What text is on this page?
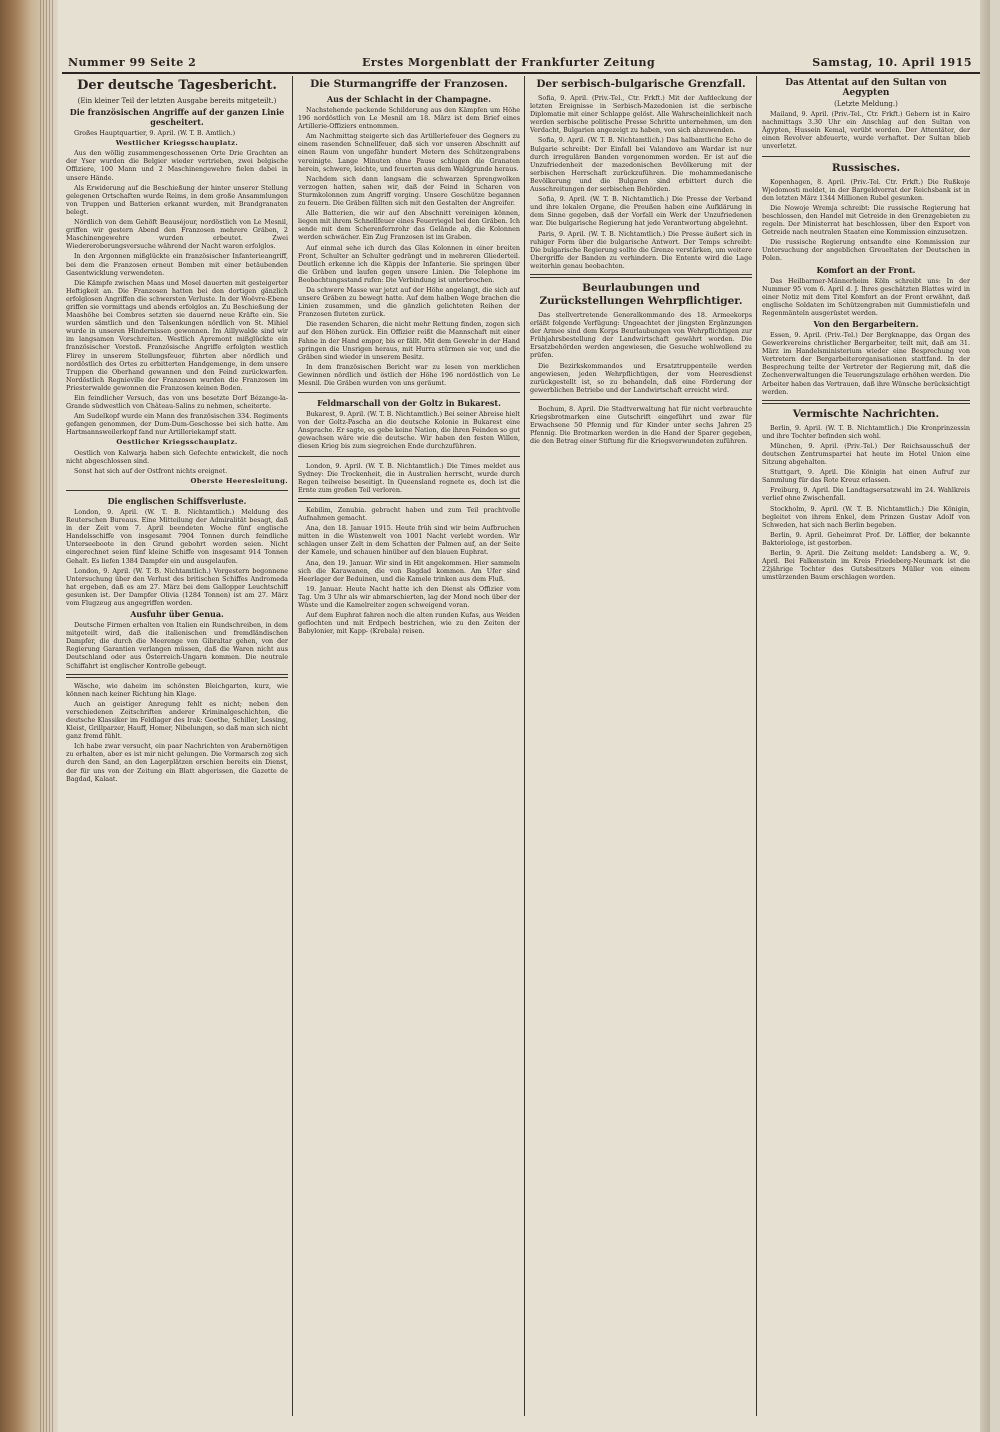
Nummer 99 Seite 2	Erstes Morgenblatt der Frankfurter Zeitung	Samstag, 10. April 1915
Der deutsche Tagesbericht.
(Ein kleiner Teil der letzten Ausgabe bereits mitgeteilt.)
Die französischen Angriffe auf der ganzen Linie gescheitert.
Großes Hauptquartier, 9. April. (W. T. B. Amtlich.)
Westlicher Kriegsschauplatz.
Aus den wöllig zusammengeschossenen Orte Drie Grachten an der Yser wurden die Belgier wieder vertrieben, zwei belgische Offiziere, 100 Mann und 2 Maschinengewehre fielen dabei in unsere Hände.
Als Erwiderung auf die Beschießung der hinter unserer Stellung gelegenen Ortschaften wurde Reims, in dem große Ansammlungen von Truppen und Batterien erkannt wurden, mit Brandgranaten belegt.
Nördlich von dem Gehöft Beauséjour, nordöstlich von Le Mesnil, griffen wir gestern Abend den Franzosen mehrere Gräben, 2 Maschinengewehre wurden erbeutet. Zwei Wiedereroberungsversuche während der Nacht waren erfolglos.
In den Argonnen mißglückte ein französischer Infanterieangriff, bei dem die Franzosen erneut Bomben mit einer betäubenden Gasentwicklung verwendeten.
Die Kämpfe zwischen Maas und Mosel dauerten mit gesteigerter Heftigkeit an. Die Franzosen hatten bei den dortigen gänzlich erfolglosen Angriffen die schwersten Verluste. In der Woëvre-Ebene griffen sie vormittags und abends erfolglos an. Zu Beschießung der Maashöhe bei Combres setzten sie dauernd neue Kräfte ein. Sie wurden sämtlich und den Talsenkungen nördlich von St. Mihiel wurde in unseren Hindernissen gewonnen. Im Aillywalde sind wir im langsamen Vorschreiten. Westlich Apremont mißglückte ein französischer Vorstoß. Französische Angriffe erfolgten westlich Flirey in unserem Stellungsfeuer, führten aber nördlich und nordöstlich des Ortes zu erbitterten Handgemenge, in dem unsere Truppen die Oberhand gewannen und den Feind zurückwarfen. Nordöstlich Regnieville der Franzosen wurden die Franzosen im Priesterwalde gewonnen die Franzosen keinen Boden.
Ein feindlicher Versuch, das von uns besetzte Dorf Bézange-la-Grande südwestlich von Château-Salins zu nehmen, scheiterte.
Am Sudelkopf wurde ein Mann des französischen 334. Regiments gefangen genommen, der Dum-Dum-Geschosse bei sich hatte. Am Hartmannsweilerkopf fand nur Artilleriekampf statt.
Oestlicher Kriegsschauplatz.
Oestlich von Kalwarja haben sich Gefechte entwickelt, die noch nicht abgeschlossen sind.
Sonst hat sich auf der Ostfront nichts ereignet.
Oberste Heeresleitung.
Die englischen Schiffsverluste.
London, 9. April. (W. T. B. Nichtamtlich.) Meldung des Reuterschen Bureaus. Eine Mitteilung der Admiralität besagt, daß in der Zeit vom 7. April beendeten Woche fünf englische Handelsschiffe von insgesamt 7904 Tonnen durch feindliche Unterseeboote in den Grund gebohrt worden seien. Nicht eingerechnet seien fünf kleine Schiffe von insgesamt 914 Tonnen Gehalt. Es liefen 1384 Dampfer ein und ausgelaufen.
London, 9. April. (W. T. B. Nichtamtlich.) Vorgestern begonnene Untersuchung über den Verlust des britischen Schiffes Andromeda hat ergeben, daß es am 27. März bei dem Gallopper Leuchtschiff gesunken ist. Der Dampfer Olivia (1284 Tonnen) ist am 27. März vom Flugzeug aus angegriffen worden.
Ausfuhr über Genua.
Deutsche Firmen erhalten von Italien ein Rundschreiben, in dem mitgeteilt wird, daß die italienischen und fremdländischen Dampfer, die durch die Meerenge von Gibraltar gehen, von der Regierung Garantien verlangen müssen, daß die Waren nicht aus Deutschland oder aus Österreich-Ungarn kommen. Die neutrale Schiffahrt ist englischer Kontrolle gebeugt.
Wäsche, wie daheim im schönsten Bleichgarten, kurz, wie können nach keiner Richtung hin Klage.
Auch an geistiger Anregung fehlt es nicht; neben den verschiedenen Zeitschriften anderer Kriminalgeschichten, die deutsche Klassiker im Feldlager des Irak: Goethe, Schiller, Lessing, Kleist, Grillparzer, Hauff, Homer, Nibelungen, so daß man sich nicht ganz fremd fühlt.
Ich habe zwar versucht, ein paar Nachrichten von Arabernötigen zu erhalten, aber es ist mir nicht gelungen. Die Vormarsch zog sich durch den Sand, an den Lagerplätzen erschien bereits ein Dienst, der für uns von der Zeitung ein Blatt abgerissen, die Gazette de Bagdad, Kalaat.
Die Sturmangriffe der Franzosen.
Aus der Schlacht in der Champagne.
Nachstehende packende Schilderung aus den Kämpfen um Höhe 196 nordöstlich von Le Mesnil am 18. März ist dem Brief eines Artillerie-Offiziers entnommen.
Am Nachmittag steigerte sich das Artilleriefeuer des Gegners zu einem rasenden Schnellfeuer, daß sich vor unseren Abschnitt auf einen Raum von ungefähr hundert Metern des Schützengrabens vereinigte. Lange Minuten ohne Pause schlugen die Granaten herein, schwere, leichte, und feuerten aus dem Waldgrunde heraus.
Nachdem sich dann langsam die schwarzen Sprengwolken verzogen hatten, sahen wir, daß der Feind in Scharen von Sturmkolonnen zum Angriff vorging. Unsere Geschütze begannen zu feuern. Die Gräben füllten sich mit den Gestalten der Angreifer.
Alle Batterien, die wir auf den Abschnitt vereinigen können, liegen mit ihrem Schnellfeuer eines Feuerriegel bei den Gräben. Ich sende mit dem Scherenfernrohr das Gelände ab, die Kolonnen werden schwächer. Ein Zug Franzosen ist im Graben.
Auf einmal sehe ich durch das Glas Kolonnen in einer breiten Front, Schulter an Schulter gedrängt und in mehreren Gliederteil. Deutlich erkenne ich die Käppis der Infanterie. Sie springen über die Gräben und laufen gegen unsere Linien. Die Telephone im Beobachtungsstand rufen: Die Verbindung ist unterbrochen.
Da schwere Masse war jetzt auf der Höhe angelangt, die sich auf unsere Gräben zu bewegt hatte. Auf dem halben Wege brachen die Linien zusammen, und die gänzlich gelichteten Reihen der Franzosen fluteten zurück.
Die rasenden Scharen, die nicht mehr Rettung finden, zogen sich auf den Höhen zurück. Ein Offizier reißt die Mannschaft mit einer Fahne in der Hand empor, bis er fällt. Mit dem Gewehr in der Hand springen die Unsrigen heraus, mit Hurra stürmen sie vor, und die Gräben sind wieder in unserem Besitz.
In dem französischen Bericht war zu lesen von merklichen Gewinnen nördlich und östlich der Höhe 196 nordöstlich von Le Mesnil. Die Gräben wurden von uns geräumt.
Feldmarschall von der Goltz in Bukarest.
Bukarest, 9. April. (W. T. B. Nichtamtlich.) Bei seiner Abreise hielt von der Goltz-Pascha an die deutsche Kolonie in Bukarest eine Ansprache. Er sagte, es gebe keine Nation, die ihren Feinden so gut gewachsen wäre wie die deutsche. Wir haben den festen Willen, diesen Krieg bis zum siegreichen Ende durchzuführen.
London, 9. April. (W. T. B. Nichtamtlich.) Die Times meldet aus Sydney: Die Trockenheit, die in Australien herrscht, wurde durch Regen teilweise beseitigt. In Queensland regnete es, doch ist die Ernte zum großen Teil verloren.
Kebilim, Zenubia. gebracht haben und zum Teil prachtvolle Aufnahmen gemacht.
Ana, den 18. Januar 1915. Heute früh sind wir beim Aufbruchen mitten in die Wüstenwelt von 1001 Nacht verlebt worden. Wir schlagen unser Zelt in dem Schatten der Palmen auf, an der Seite der Kamele, und schauen hinüber auf den blauen Euphrat.
Ana, den 19. Januar. Wir sind in Hit angekommen. Hier sammeln sich die Karawanen, die von Bagdad kommen. Am Ufer sind Heerlager der Beduinen, und die Kamele trinken aus dem Fluß.
19. Januar. Heute Nacht hatte ich den Dienst als Offizier vom Tag. Um 3 Uhr als wir abmarschierten, lag der Mond noch über der Wüste und die Kamelreiter zogen schweigend voran.
Auf dem Euphrat fahren noch die alten runden Kufas, aus Weiden geflochten und mit Erdpech bestrichen, wie zu den Zeiten der Babylonier, mit Kapp- (Krebala) reisen.
Der serbisch-bulgarische Grenzfall.
Sofia, 9. April. (Priv.-Tel., Ctr. Frkft.) Mit der Aufdeckung der letzten Ereignisse in Serbisch-Mazedonien ist die serbische Diplomatie mit einer Schlappe gelöst. Alle Wahrscheinlichkeit nach werden serbische politische Presse Schritte unternehmen, um den Verdacht, Bulgarien angezeigt zu haben, von sich abzuwenden.
Sofia, 9. April. (W. T. B. Nichtamtlich.) Das halbamtliche Echo de Bulgarie schreibt: Der Einfall bei Valandovo am Wardar ist nur durch irregulären Banden vorgenommen worden. Er ist auf die Unzufriedenheit der mazedonischen Bevölkerung mit der serbischen Herrschaft zurückzuführen. Die mohammedanische Bevölkerung und die Bulgaren sind erbittert durch die Ausschreitungen der serbischen Behörden.
Sofia, 9. April. (W. T. B. Nichtamtlich.) Die Presse der Verband und ihre lokalen Organe, die Preußen haben eine Aufklärung in dem Sinne gegeben, daß der Vorfall ein Werk der Unzufriedenen war. Die bulgarische Regierung hat jede Verantwortung abgelehnt.
Paris, 9. April. (W. T. B. Nichtamtlich.) Die Presse äußert sich in ruhiger Form über die bulgarische Antwort. Der Temps schreibt: Die bulgarische Regierung sollte die Grenze verstärken, um weitere Übergriffe der Banden zu verhindern. Die Entente wird die Lage weiterhin genau beobachten.
Beurlaubungen und Zurückstellungen Wehrpflichtiger.
Das stellvertretende Generalkommando des 18. Armeekorps erläßt folgende Verfügung: Ungeachtet der jüngsten Ergänzungen der Armee sind dem Korps Beurlaubungen von Wehrpflichtigen zur Frühjahrsbestellung der Landwirtschaft gewährt worden. Die Ersatzbehörden werden angewiesen, die Gesuche wohlwollend zu prüfen.
Die Bezirkskommandos und Ersatztruppenteile werden angewiesen, jeden Wehrpflichtigen, der vom Heeresdienst zurückgestellt ist, so zu behandeln, daß eine Förderung der gewerblichen Betriebe und der Landwirtschaft erreicht wird.
Bochum, 8. April. Die Stadtverwaltung hat für nicht verbrauchte Kriegsbrotmarken eine Gutschrift eingeführt und zwar für Erwachsene 50 Pfennig und für Kinder unter sechs Jahren 25 Pfennig. Die Brotmarken werden in die Hand der Sparer gegeben, die den Betrag einer Stiftung für die Kriegsverwundeten zuführen.
Das Attentat auf den Sultan von Aegypten
(Letzte Meldung.)
Mailand, 9. April. (Priv.-Tel., Ctr. Frkft.) Gebern ist in Kairo nachmittags 3.30 Uhr ein Anschlag auf den Sultan von Ägypten, Hussein Kemal, verübt worden. Der Attentäter, der einen Revolver abfeuerte, wurde verhaftet. Der Sultan blieb unverletzt.
Russisches.
Kopenhagen, 8. April. (Priv.-Tel. Ctr. Frkft.) Die Rußkoje Wjedomosti meldet, in der Bargeldvorrat der Reichsbank ist in den letzten März 1344 Millionen Rubel gesunken.
Die Nowoje Wremja schreibt: Die russische Regierung hat beschlossen, den Handel mit Getreide in den Grenzgebieten zu regeln. Der Ministerrat hat beschlossen, über den Export von Getreide nach neutralen Staaten eine Kommission einzusetzen.
Die russische Regierung entsandte eine Kommission zur Untersuchung der angeblichen Greueltaten der Deutschen in Polen.
Komfort an der Front.
Das Heilbarmer-Männerheim Köln schreibt uns: In der Nummer 95 vom 6. April d. J. Ihres geschätzten Blattes wird in einer Notiz mit dem Titel Komfort an der Front erwähnt, daß englische Soldaten im Schützengraben mit Gummistiefeln und Regenmänteln ausgerüstet werden.
Von den Bergarbeitern.
Essen, 9. April. (Priv.-Tel.) Der Bergknappe, das Organ des Gewerkvereins christlicher Bergarbeiter, teilt mit, daß am 31. März im Handelsministerium wieder eine Besprechung von Vertretern der Bergarbeiterorganisationen stattfand. In der Besprechung teilte der Vertreter der Regierung mit, daß die Zechenverwaltungen die Teuerungszulage erhöhen werden. Die Arbeiter haben das Vertrauen, daß ihre Wünsche berücksichtigt werden.
Vermischte Nachrichten.
Berlin, 9. April. (W. T. B. Nichtamtlich.) Die Kronprinzessin und ihre Tochter befinden sich wohl.
München, 9. April. (Priv.-Tel.) Der Reichsausschuß der deutschen Zentrumspartei hat heute im Hotel Union eine Sitzung abgehalten.
Stuttgart, 9. April. Die Königin hat einen Aufruf zur Sammlung für das Rote Kreuz erlassen.
Freiburg, 9. April. Die Landtagsersatzwahl im 24. Wahlkreis verlief ohne Zwischenfall.
Stockholm, 9. April. (W. T. B. Nichtamtlich.) Die Königin, begleitet von ihrem Enkel, dem Prinzen Gustav Adolf von Schweden, hat sich nach Berlin begeben.
Berlin, 9. April. Geheimrat Prof. Dr. Löffler, der bekannte Bakteriologe, ist gestorben.
Berlin, 9. April. Die Zeitung meldet: Landsberg a. W., 9. April. Bei Falkenstein im Kreis Friedeberg-Neumark ist die 22jährige Tochter des Gutsbesitzers Müller von einem umstürzenden Baum erschlagen worden.
